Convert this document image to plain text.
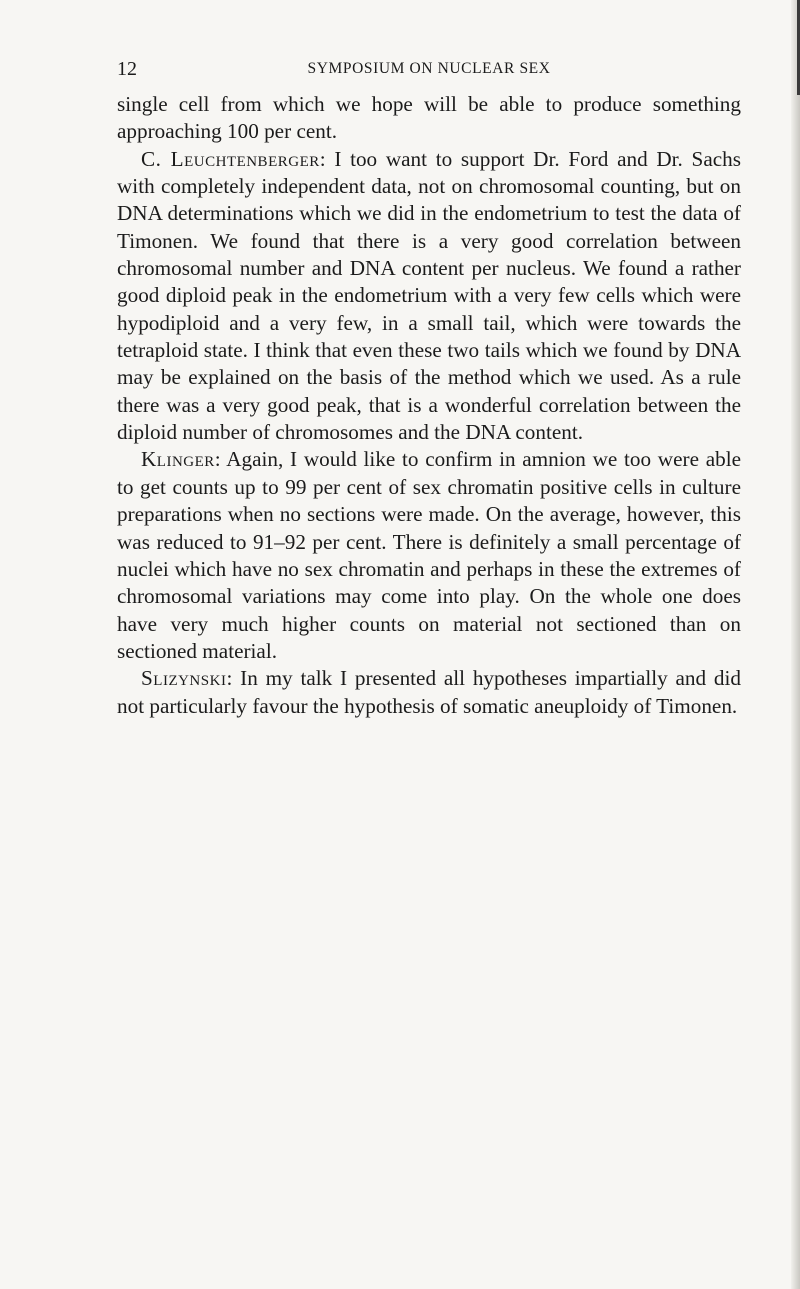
12	SYMPOSIUM ON NUCLEAR SEX

single cell from which we hope will be able to produce something approaching 100 per cent.

C. Leuchtenberger: I too want to support Dr. Ford and Dr. Sachs with completely independent data, not on chromosomal counting, but on DNA determinations which we did in the endometrium to test the data of Timonen. We found that there is a very good correlation between chromosomal number and DNA content per nucleus. We found a rather good diploid peak in the endometrium with a very few cells which were hypodiploid and a very few, in a small tail, which were towards the tetraploid state. I think that even these two tails which we found by DNA may be explained on the basis of the method which we used. As a rule there was a very good peak, that is a wonderful correlation between the diploid number of chromosomes and the DNA content.

Klinger: Again, I would like to confirm in amnion we too were able to get counts up to 99 per cent of sex chromatin positive cells in culture preparations when no sections were made. On the average, however, this was reduced to 91–92 per cent. There is definitely a small percentage of nuclei which have no sex chromatin and perhaps in these the extremes of chromosomal variations may come into play. On the whole one does have very much higher counts on material not sectioned than on sectioned material.

Slizynski: In my talk I presented all hypotheses impartially and did not particularly favour the hypothesis of somatic aneuploidy of Timonen.
